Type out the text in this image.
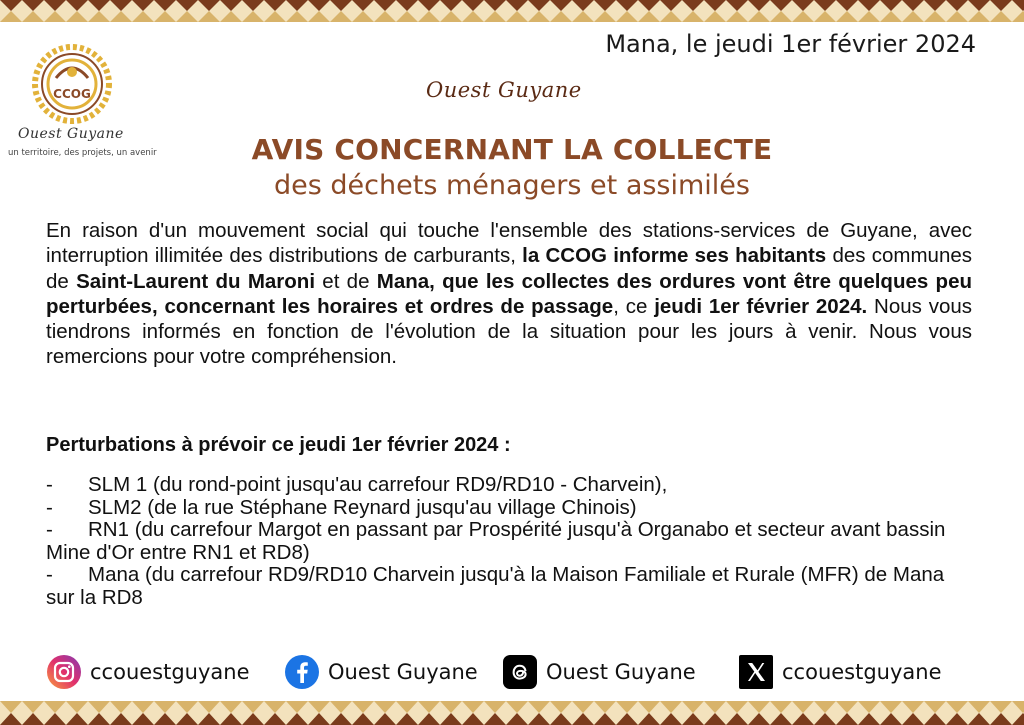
CCOG
Ouest Guyane
un territoire, des projets, un avenir
Mana, le jeudi 1er février 2024
Ouest Guyane
AVIS CONCERNANT LA COLLECTE
des déchets ménagers et assimilés
En raison d'un mouvement social qui touche l'ensemble des stations-services de Guyane, avec interruption illimitée des distributions de carburants, la CCOG informe ses habitants des communes de Saint-Laurent du Maroni et de Mana, que les collectes des ordures vont être quelques peu perturbées, concernant les horaires et ordres de passage, ce jeudi 1er février 2024. Nous vous tiendrons informés en fonction de l'évolution de la situation pour les jours à venir. Nous vous remercions pour votre compréhension.
Perturbations à prévoir ce jeudi 1er février 2024 :
- SLM 1 (du rond-point jusqu'au carrefour RD9/RD10 - Charvein),
- SLM2 (de la rue Stéphane Reynard jusqu'au village Chinois)
- RN1 (du carrefour Margot en passant par Prospérité jusqu'à Organabo et secteur avant bassin Mine d'Or entre RN1 et RD8)
- Mana (du carrefour RD9/RD10 Charvein jusqu'à la Maison Familiale et Rurale (MFR) de Mana sur la RD8
ccouestguyane	Ouest Guyane	Ouest Guyane	ccouestguyane
